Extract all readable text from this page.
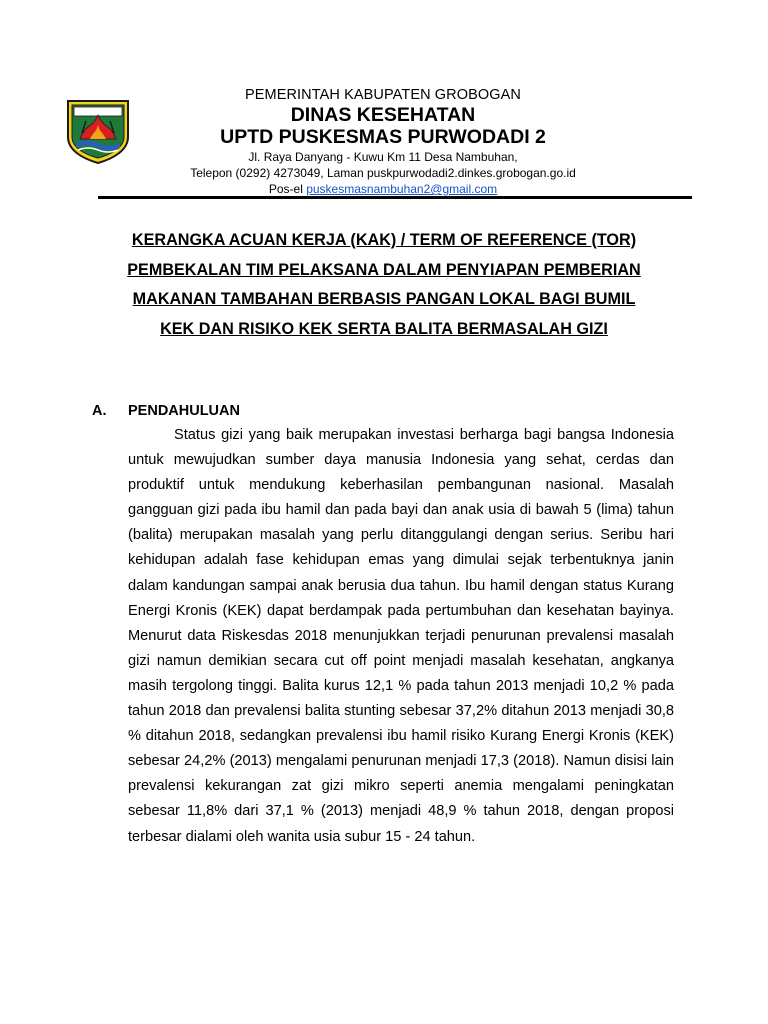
PEMERINTAH KABUPATEN GROBOGAN
DINAS KESEHATAN
UPTD PUSKESMAS PURWODADI 2
Jl. Raya Danyang - Kuwu Km 11 Desa Nambuhan,
Telepon (0292) 4273049, Laman puskpurwodadi2.dinkes.grobogan.go.id
Pos-el puskesmasnambuhan2@gmail.com
KERANGKA ACUAN KERJA (KAK) / TERM OF REFERENCE (TOR)
PEMBEKALAN TIM PELAKSANA DALAM PENYIAPAN PEMBERIAN
MAKANAN TAMBAHAN BERBASIS PANGAN LOKAL BAGI BUMIL
KEK DAN RISIKO KEK SERTA BALITA BERMASALAH GIZI
A. PENDAHULUAN

Status gizi yang baik merupakan investasi berharga bagi bangsa Indonesia untuk mewujudkan sumber daya manusia Indonesia yang sehat, cerdas dan produktif untuk mendukung keberhasilan pembangunan nasional. Masalah gangguan gizi pada ibu hamil dan pada bayi dan anak usia di bawah 5 (lima) tahun (balita) merupakan masalah yang perlu ditanggulangi dengan serius. Seribu hari kehidupan adalah fase kehidupan emas yang dimulai sejak terbentuknya janin dalam kandungan sampai anak berusia dua tahun. Ibu hamil dengan status Kurang Energi Kronis (KEK) dapat berdampak pada pertumbuhan dan kesehatan bayinya. Menurut data Riskesdas 2018 menunjukkan terjadi penurunan prevalensi masalah gizi namun demikian secara cut off point menjadi masalah kesehatan, angkanya masih tergolong tinggi. Balita kurus 12,1 % pada tahun 2013 menjadi 10,2 % pada tahun 2018 dan prevalensi balita stunting sebesar 37,2% ditahun 2013 menjadi 30,8 % ditahun 2018, sedangkan prevalensi ibu hamil risiko Kurang Energi Kronis (KEK) sebesar 24,2% (2013) mengalami penurunan menjadi 17,3 (2018). Namun disisi lain prevalensi kekurangan zat gizi mikro seperti anemia mengalami peningkatan sebesar 11,8% dari 37,1 % (2013) menjadi 48,9 % tahun 2018, dengan proposi terbesar dialami oleh wanita usia subur 15 - 24 tahun.
